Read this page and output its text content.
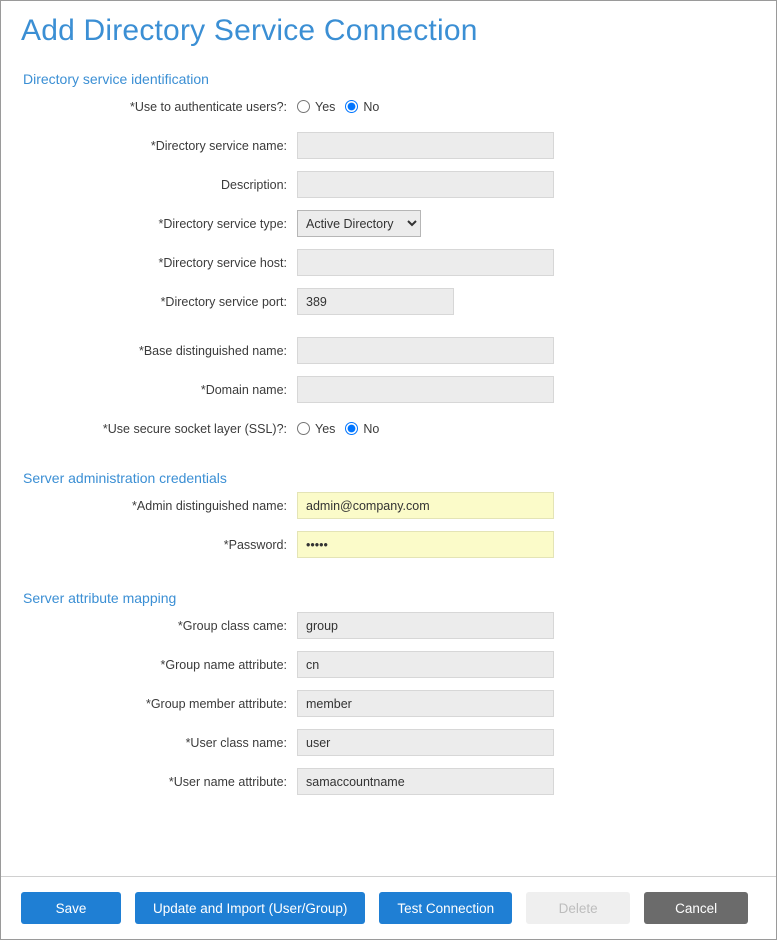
Add Directory Service Connection
Directory service identification
*Use to authenticate users?:	Yes No
*Directory service name:
Description:
*Directory service type:
Active Directory
*Directory service host:
*Directory service port:
389
*Base distinguished name:
*Domain name:
*Use secure socket layer (SSL)?:	Yes No
Server administration credentials
*Admin distinguished name:
admin@company.com
*Password:
•••••
Server attribute mapping
*Group class came:
group
*Group name attribute:
cn
*Group member attribute:
member
*User class name:
user
*User name attribute:
samaccountname
Save	Update and Import (User/Group)	Test Connection	Delete	Cancel
